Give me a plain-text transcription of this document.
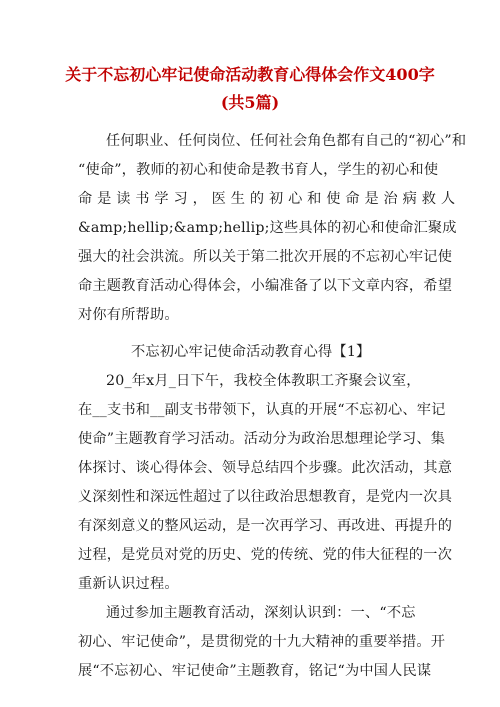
关于不忘初心牢记使命活动教育心得体会作文400字
(共5篇)
任何职业、任何岗位、任何社会角色都有自己的“初心”和
“使命”，教师的初心和使命是教书育人，学生的初心和使
命 是 读 书 学 习 ， 医 生 的 初 心 和 使 命 是 治 病 救 人
&amp;hellip;&amp;hellip;这些具体的初心和使命汇聚成
强大的社会洪流。所以关于第二批次开展的不忘初心牢记使
命主题教育活动心得体会，小编准备了以下文章内容，希望
对你有所帮助。
不忘初心牢记使命活动教育心得【1】
20_年x月_日下午，我校全体教职工齐聚会议室，
在__支书和__副支书带领下，认真的开展“不忘初心、牢记
使命”主题教育学习活动。活动分为政治思想理论学习、集
体探讨、谈心得体会、领导总结四个步骤。此次活动，其意
义深刻性和深远性超过了以往政治思想教育，是党内一次具
有深刻意义的整风运动，是一次再学习、再改进、再提升的
过程，是党员对党的历史、党的传统、党的伟大征程的一次
重新认识过程。
通过参加主题教育活动，深刻认识到：一、“不忘
初心、牢记使命”，是贯彻党的十九大精神的重要举措。开
展“不忘初心、牢记使命”主题教育，铭记“为中国人民谋
